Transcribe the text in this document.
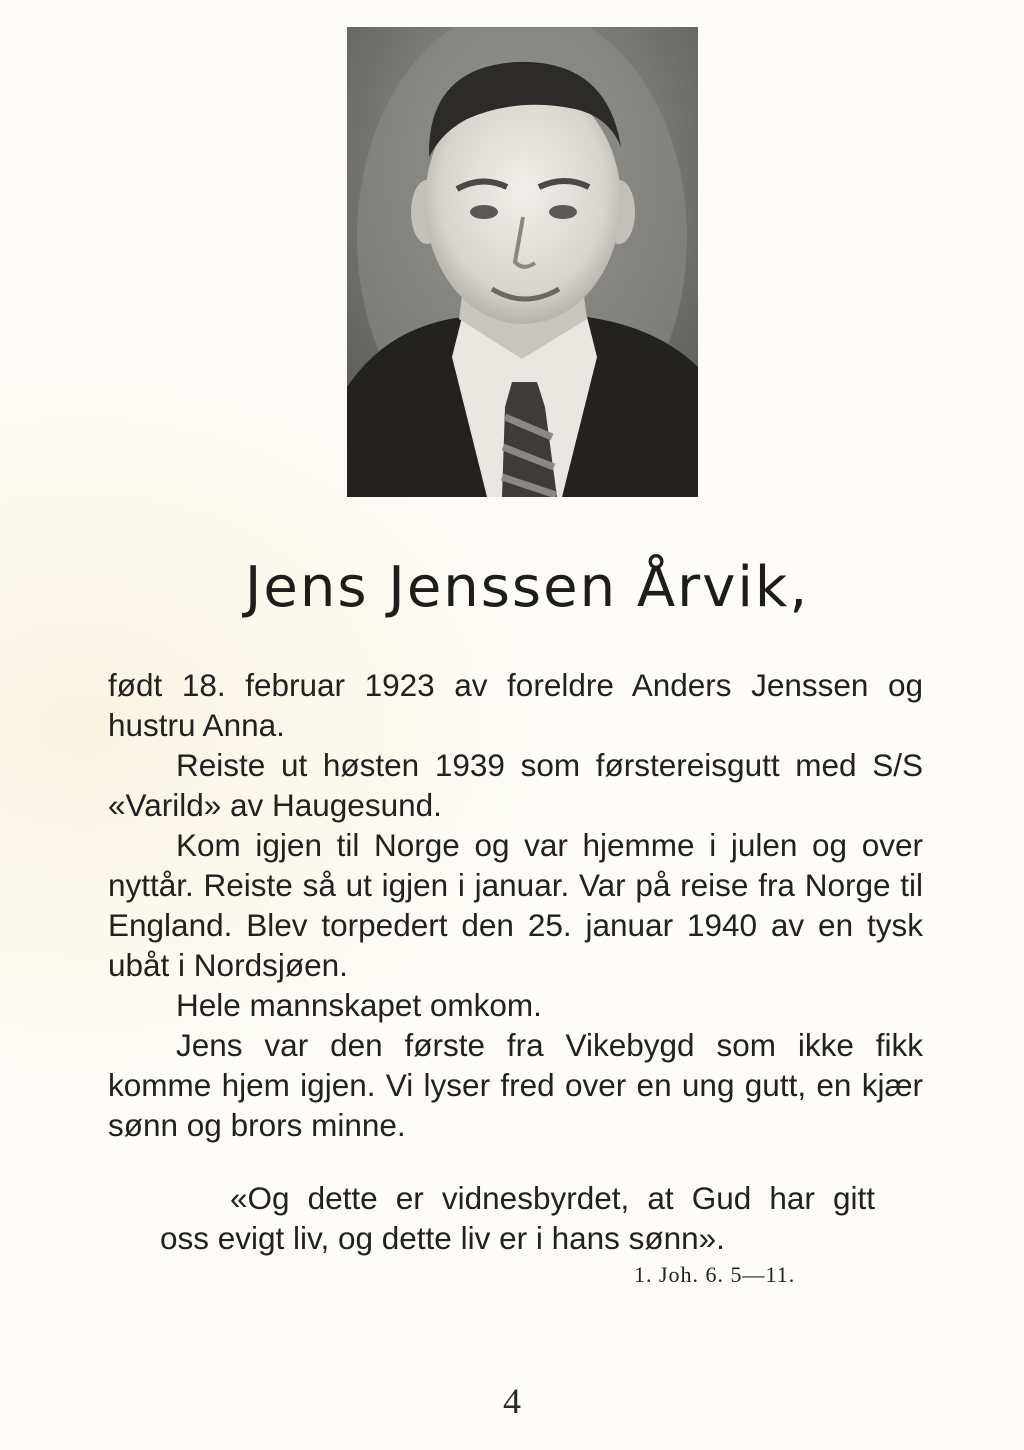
Jens Jenssen Årvik,

født 18. februar 1923 av foreldre Anders Jenssen og hustru Anna.

Reiste ut høsten 1939 som førstereisgutt med S/S «Varild» av Haugesund.

Kom igjen til Norge og var hjemme i julen og over nyttår. Reiste så ut igjen i januar. Var på reise fra Norge til England. Blev torpedert den 25. januar 1940 av en tysk ubåt i Nordsjøen.

Hele mannskapet omkom.

Jens var den første fra Vikebygd som ikke fikk komme hjem igjen. Vi lyser fred over en ung gutt, en kjær sønn og brors minne.

«Og dette er vidnesbyrdet, at Gud har gitt
oss evigt liv, og dette liv er i hans sønn».
1. Joh. 6. 5—11.
4
